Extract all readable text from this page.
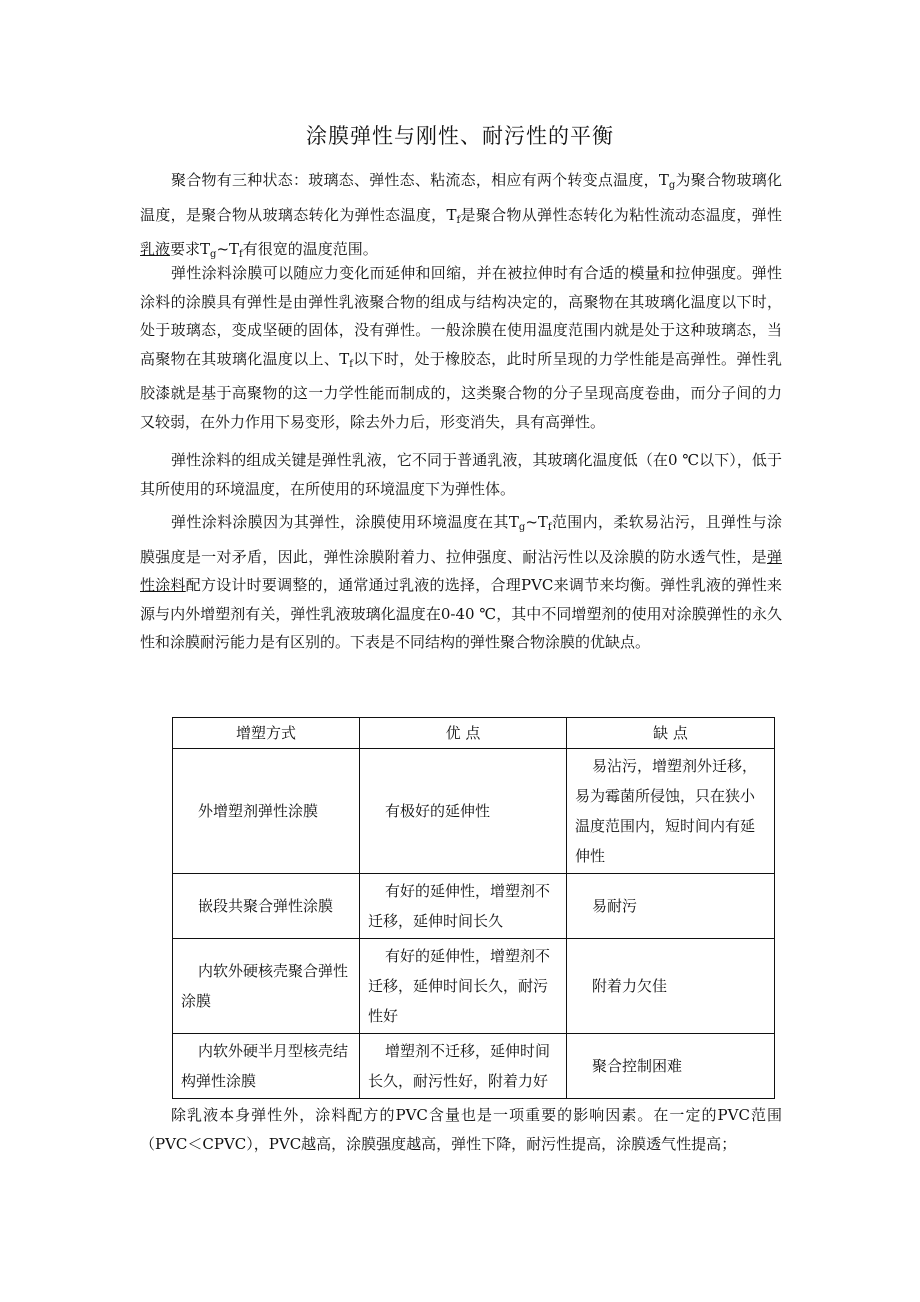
涂膜弹性与刚性、耐污性的平衡

聚合物有三种状态：玻璃态、弹性态、粘流态，相应有两个转变点温度，$T_g$为聚合物玻璃化温度，是聚合物从玻璃态转化为弹性态温度，$T_f$是聚合物从弹性态转化为粘性流动态温度，弹性乳液要求$T_g\sim T_f$有很宽的温度范围。

弹性涂料涂膜可以随应力变化而延伸和回缩，并在被拉伸时有合适的模量和拉伸强度。弹性涂料的涂膜具有弹性是由弹性乳液聚合物的组成与结构决定的，高聚物在其玻璃化温度以下时，处于玻璃态，变成坚硬的固体，没有弹性。一般涂膜在使用温度范围内就是处于这种玻璃态，当高聚物在其玻璃化温度以上、$T_f$以下时，处于橡胶态，此时所呈现的力学性能是高弹性。弹性乳胶漆就是基于高聚物的这一力学性能而制成的，这类聚合物的分子呈现高度卷曲，而分子间的力又较弱，在外力作用下易变形，除去外力后，形变消失，具有高弹性。

弹性涂料的组成关键是弹性乳液，它不同于普通乳液，其玻璃化温度低（在0 ℃以下），低于其所使用的环境温度，在所使用的环境温度下为弹性体。

弹性涂料涂膜因为其弹性，涂膜使用环境温度在其$T_g\sim T_f$范围内，柔软易沾污，且弹性与涂膜强度是一对矛盾，因此，弹性涂膜附着力、拉伸强度、耐沾污性以及涂膜的防水透气性，是弹性涂料配方设计时要调整的，通常通过乳液的选择，合理PVC来调节来均衡。弹性乳液的弹性来源与内外增塑剂有关，弹性乳液玻璃化温度在0-40 ℃，其中不同增塑剂的使用对涂膜弹性的永久性和涂膜耐污能力是有区别的。下表是不同结构的弹性聚合物涂膜的优缺点。

增塑方式	优 点	缺 点
外增塑剂弹性涂膜	有极好的延伸性	易沾污，增塑剂外迁移，易为霉菌所侵蚀，只在狭小温度范围内，短时间内有延伸性
嵌段共聚合弹性涂膜	有好的延伸性，增塑剂不迁移，延伸时间长久	易耐污
内软外硬核壳聚合弹性涂膜	有好的延伸性，增塑剂不迁移，延伸时间长久，耐污性好	附着力欠佳
内软外硬半月型核壳结构弹性涂膜	增塑剂不迁移，延伸时间长久，耐污性好，附着力好	聚合控制困难

除乳液本身弹性外，涂料配方的PVC含量也是一项重要的影响因素。在一定的PVC范围（PVC＜CPVC），PVC越高，涂膜强度越高，弹性下降，耐污性提高，涂膜透气性提高；
